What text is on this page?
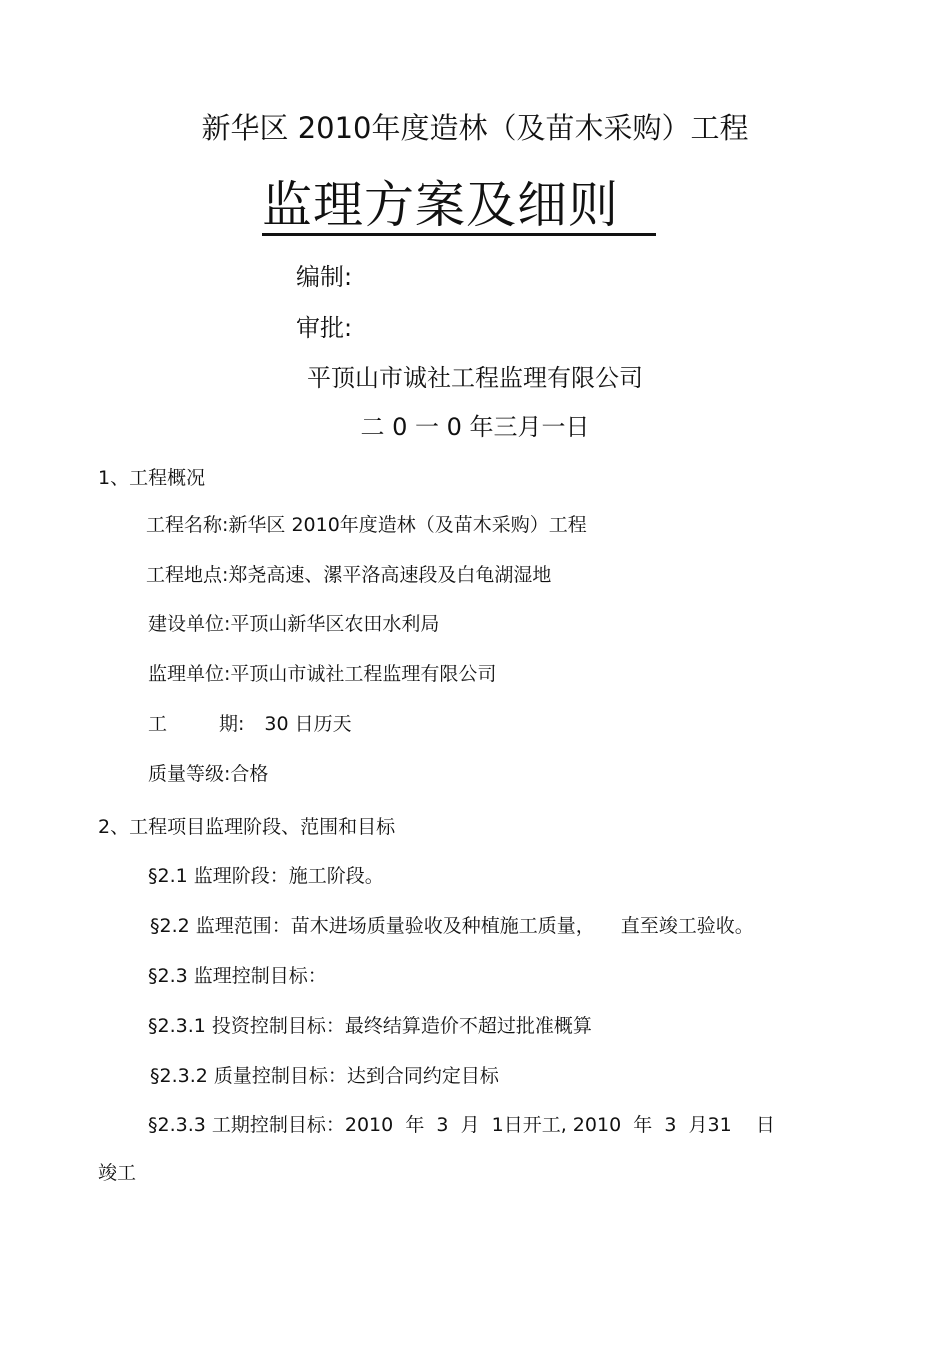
新华区 2010年度造林（及苗木采购）工程
监理方案及细则
编制:
审批:
平顶山市诚社工程监理有限公司
二 0 一 0 年三月一日
1、工程概况
工程名称:新华区 2010年度造林（及苗木采购）工程
工程地点:郑尧高速、漯平洛高速段及白龟湖湿地
建设单位:平顶山新华区农田水利局
监理单位:平顶山市诚社工程监理有限公司
工	期: 30 日历天
质量等级:合格
2、工程项目监理阶段、范围和目标
§2.1 监理阶段：施工阶段。
§2.2 监理范围：苗木进场质量验收及种植施工质量， 直至竣工验收。
§2.3 监理控制目标：
§2.3.1 投资控制目标：最终结算造价不超过批准概算
§2.3.2 质量控制目标：达到合同约定目标
§2.3.3 工期控制目标：2010  年  3  月  1日开工, 2010  年  3  月31    日
竣工
